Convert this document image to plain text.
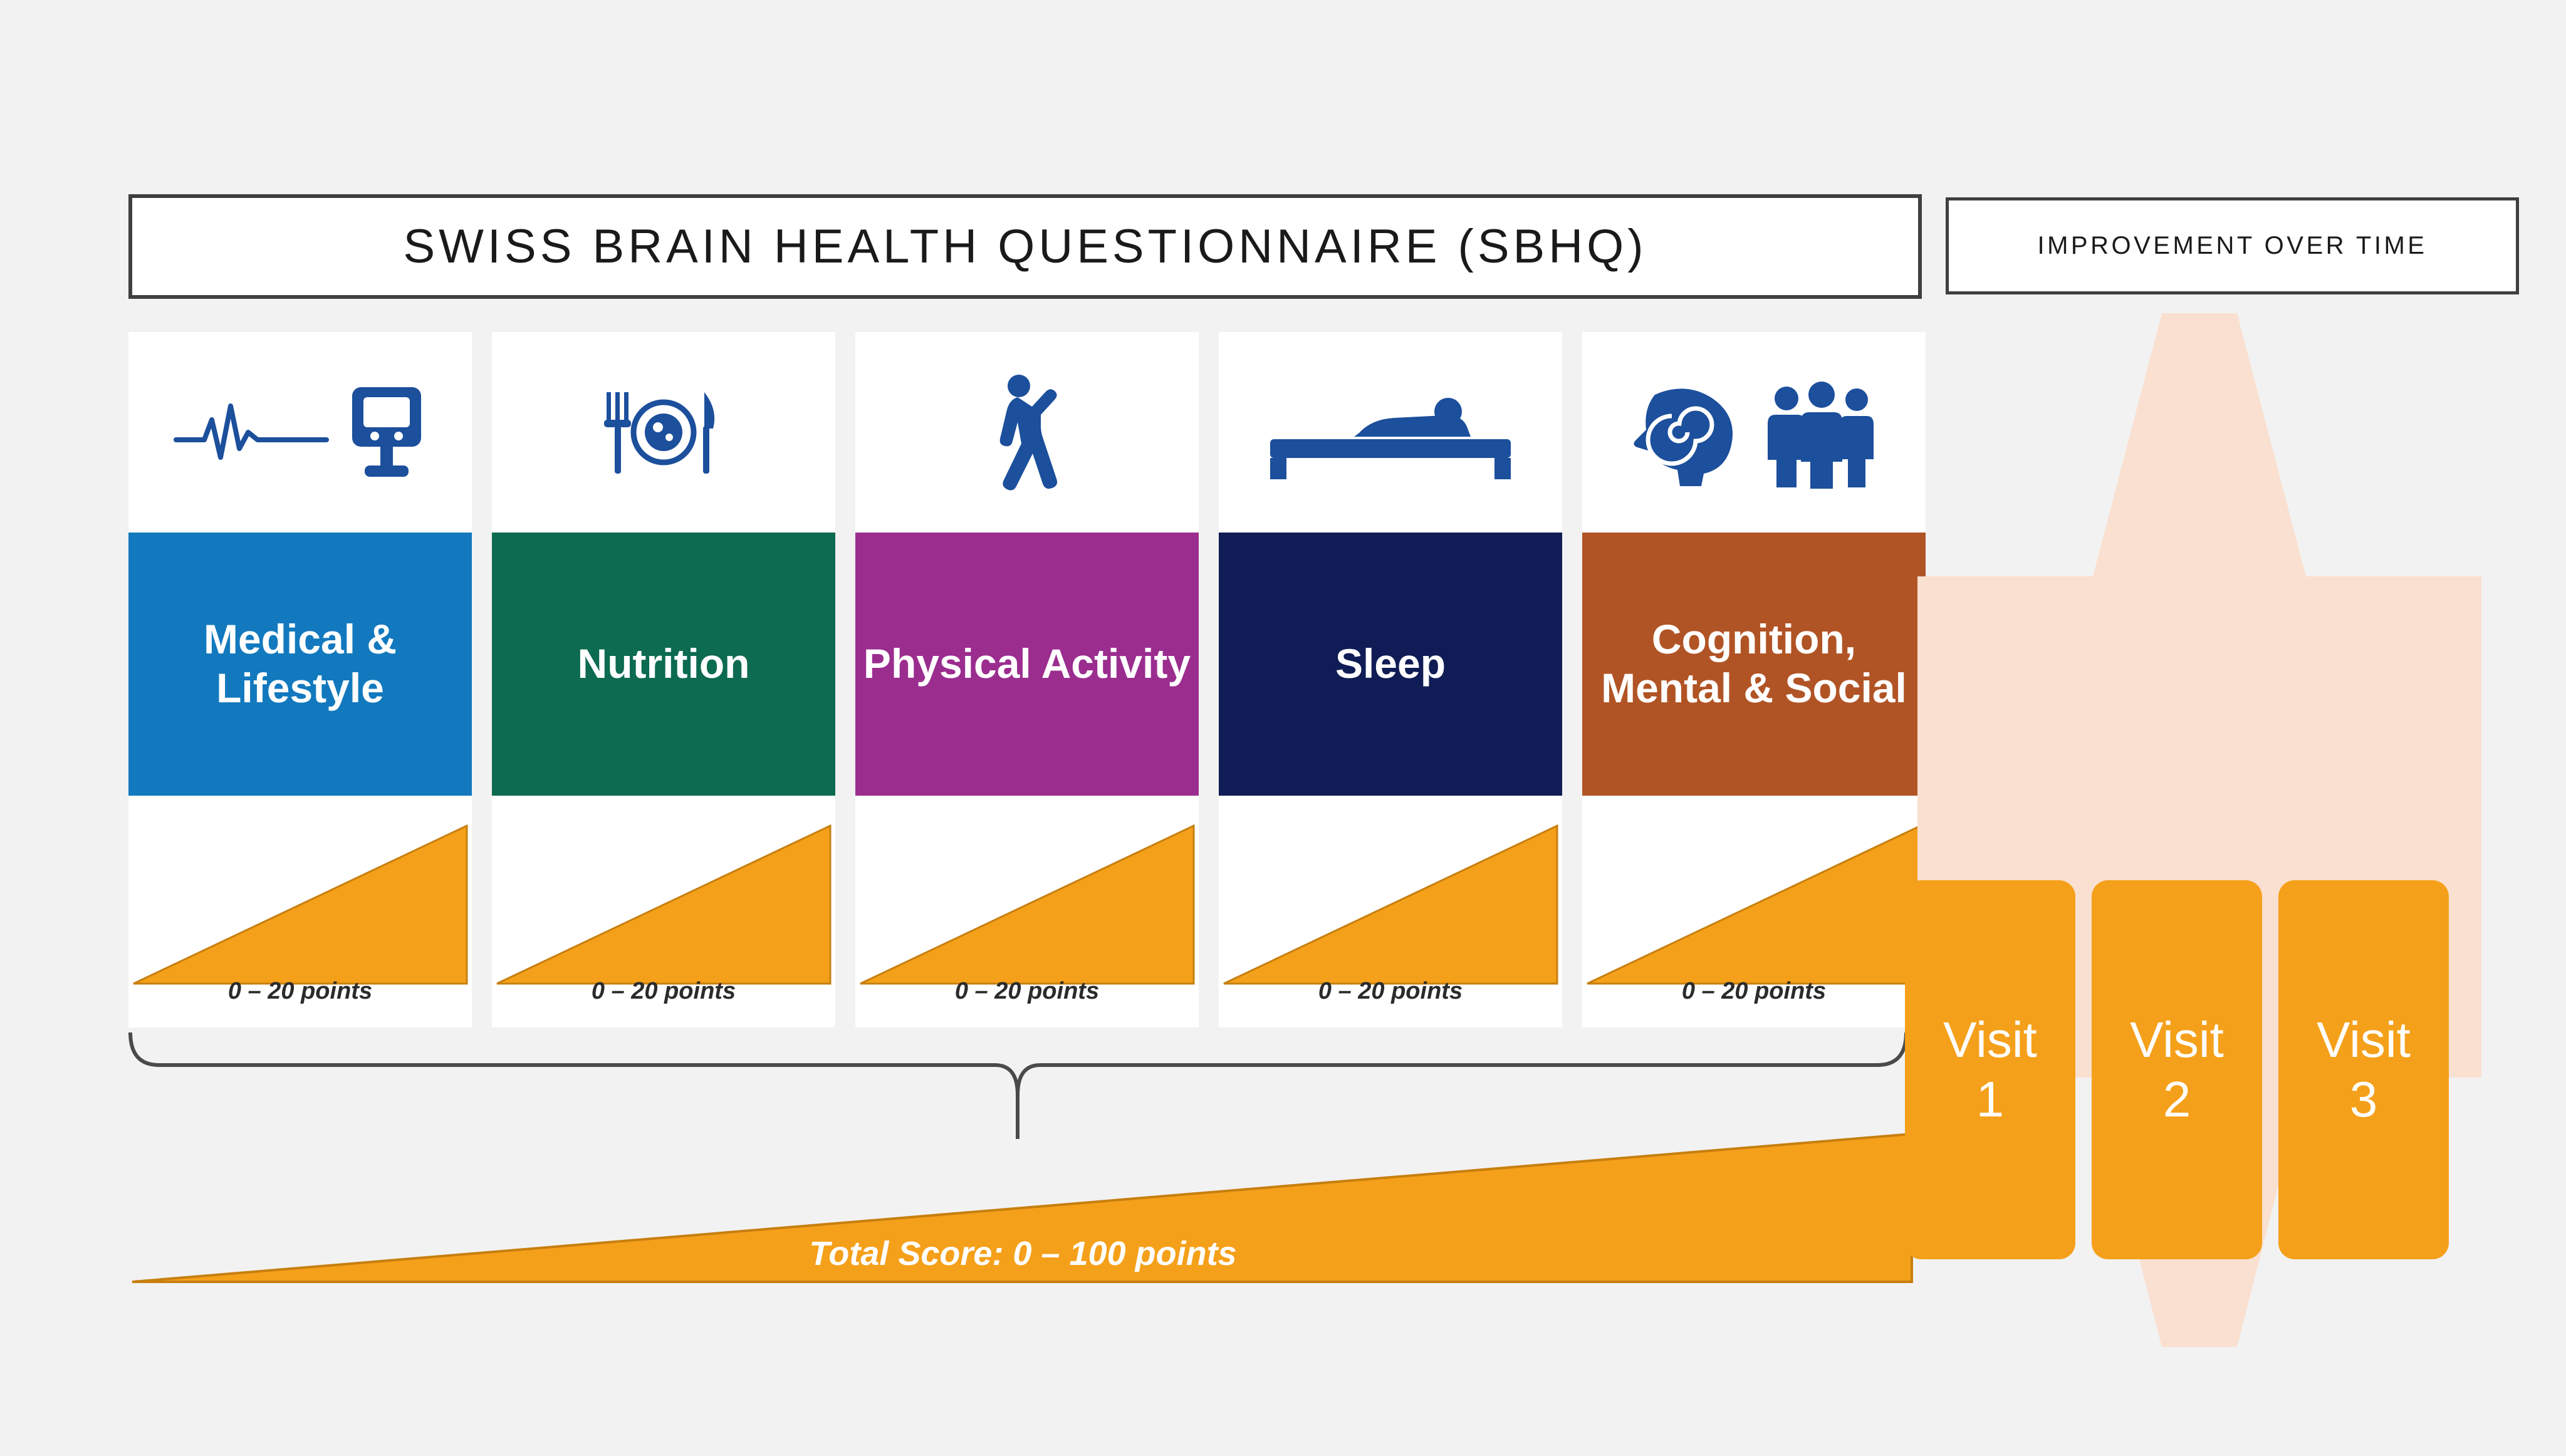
SWISS BRAIN HEALTH QUESTIONNAIRE (SBHQ)	IMPROVEMENT OVER TIME
Medical & Lifestyle
0 – 20 points
Nutrition
0 – 20 points
Physical Activity
0 – 20 points
Sleep
0 – 20 points
Cognition, Mental & Social
0 – 20 points
Total Score: 0 – 100 points
Visit
1
Visit
2
Visit
3
